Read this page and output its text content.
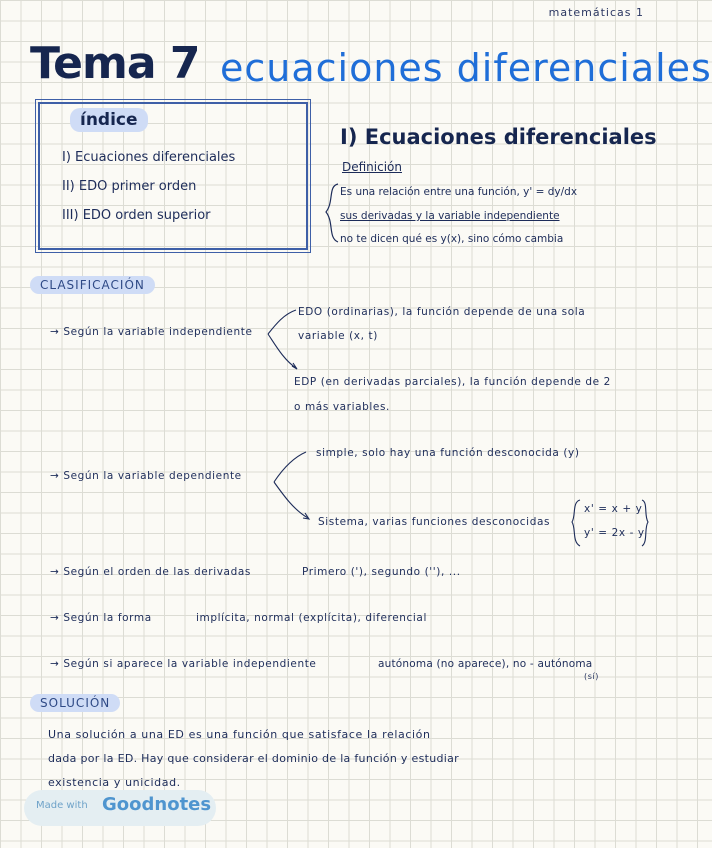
matemáticas 1
Tema 7 ecuaciones diferenciales
índice
I) Ecuaciones diferenciales
II) EDO primer orden
III) EDO orden superior
I) Ecuaciones diferenciales
Definición
Es una relación entre una función, y' = dy/dx
sus derivadas y la variable independiente
no te dicen qué es y(x), sino cómo cambia
CLASIFICACIÓN
→ Según la variable independiente
EDO (ordinarias), la función depende de una sola
variable (x, t)
EDP (en derivadas parciales), la función depende de 2
o más variables.
→ Según la variable dependiente
simple, solo hay una función desconocida (y)
Sistema, varias funciones desconocidas
x' = x + y
y' = 2x - y
→ Según el orden de las derivadas	Primero ('), segundo (''), ...
→ Según la forma	implícita, normal (explícita), diferencial
→ Según si aparece la variable independiente	autónoma (no aparece), no - autónoma
(sí)
SOLUCIÓN
Una solución a una ED es una función que satisface la relación
dada por la ED. Hay que considerar el dominio de la función y estudiar
existencia y unicidad.
Made with Goodnotes
